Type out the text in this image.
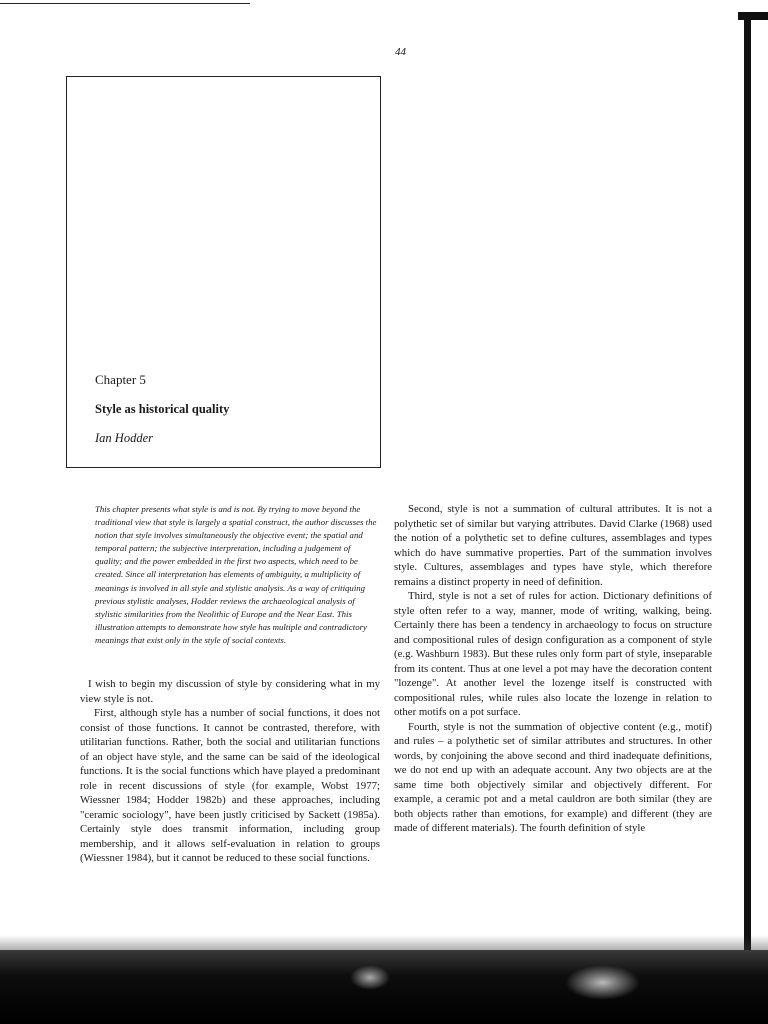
44
Chapter 5
Style as historical quality
Ian Hodder

This chapter presents what style is and is not. By trying to move beyond the traditional view that style is largely a spatial construct, the author discusses the notion that style involves simultaneously the objective event; the spatial and temporal pattern; the subjective interpretation, including a judgement of quality; and the power embedded in the first two aspects, which need to be created. Since all interpretation has elements of ambiguity, a multiplicity of meanings is involved in all style and stylistic analysis. As a way of critiquing previous stylistic analyses, Hodder reviews the archaeological analysis of stylistic similarities from the Neolithic of Europe and the Near East. This illustration attempts to demonstrate how style has multiple and contradictory meanings that exist only in the style of social contexts.

I wish to begin my discussion of style by considering what in my view style is not.

First, although style has a number of social functions, it does not consist of those functions. It cannot be contrasted, therefore, with utilitarian functions. Rather, both the social and utilitarian functions of an object have style, and the same can be said of the ideological functions. It is the social functions which have played a predominant role in recent discussions of style (for example, Wobst 1977; Wiessner 1984; Hodder 1982b) and these approaches, including "ceramic sociology", have been justly criticised by Sackett (1985a). Certainly style does transmit information, including group membership, and it allows self-evaluation in relation to groups (Wiessner 1984), but it cannot be reduced to these social functions.

Second, style is not a summation of cultural attributes. It is not a polythetic set of similar but varying attributes. David Clarke (1968) used the notion of a polythetic set to define cultures, assemblages and types which do have summative properties. Part of the summation involves style. Cultures, assemblages and types have style, which therefore remains a distinct property in need of definition.

Third, style is not a set of rules for action. Dictionary definitions of style often refer to a way, manner, mode of writing, walking, being. Certainly there has been a tendency in archaeology to focus on structure and compositional rules of design configuration as a component of style (e.g. Washburn 1983). But these rules only form part of style, inseparable from its content. Thus at one level a pot may have the decoration content "lozenge". At another level the lozenge itself is constructed with compositional rules, while rules also locate the lozenge in relation to other motifs on a pot surface.

Fourth, style is not the summation of objective content (e.g., motif) and rules – a polythetic set of similar attributes and structures. In other words, by conjoining the above second and third inadequate definitions, we do not end up with an adequate account. Any two objects are at the same time both objectively similar and objectively different. For example, a ceramic pot and a metal cauldron are both similar (they are both objects rather than emotions, for example) and different (they are made of different materials). The fourth definition of style
